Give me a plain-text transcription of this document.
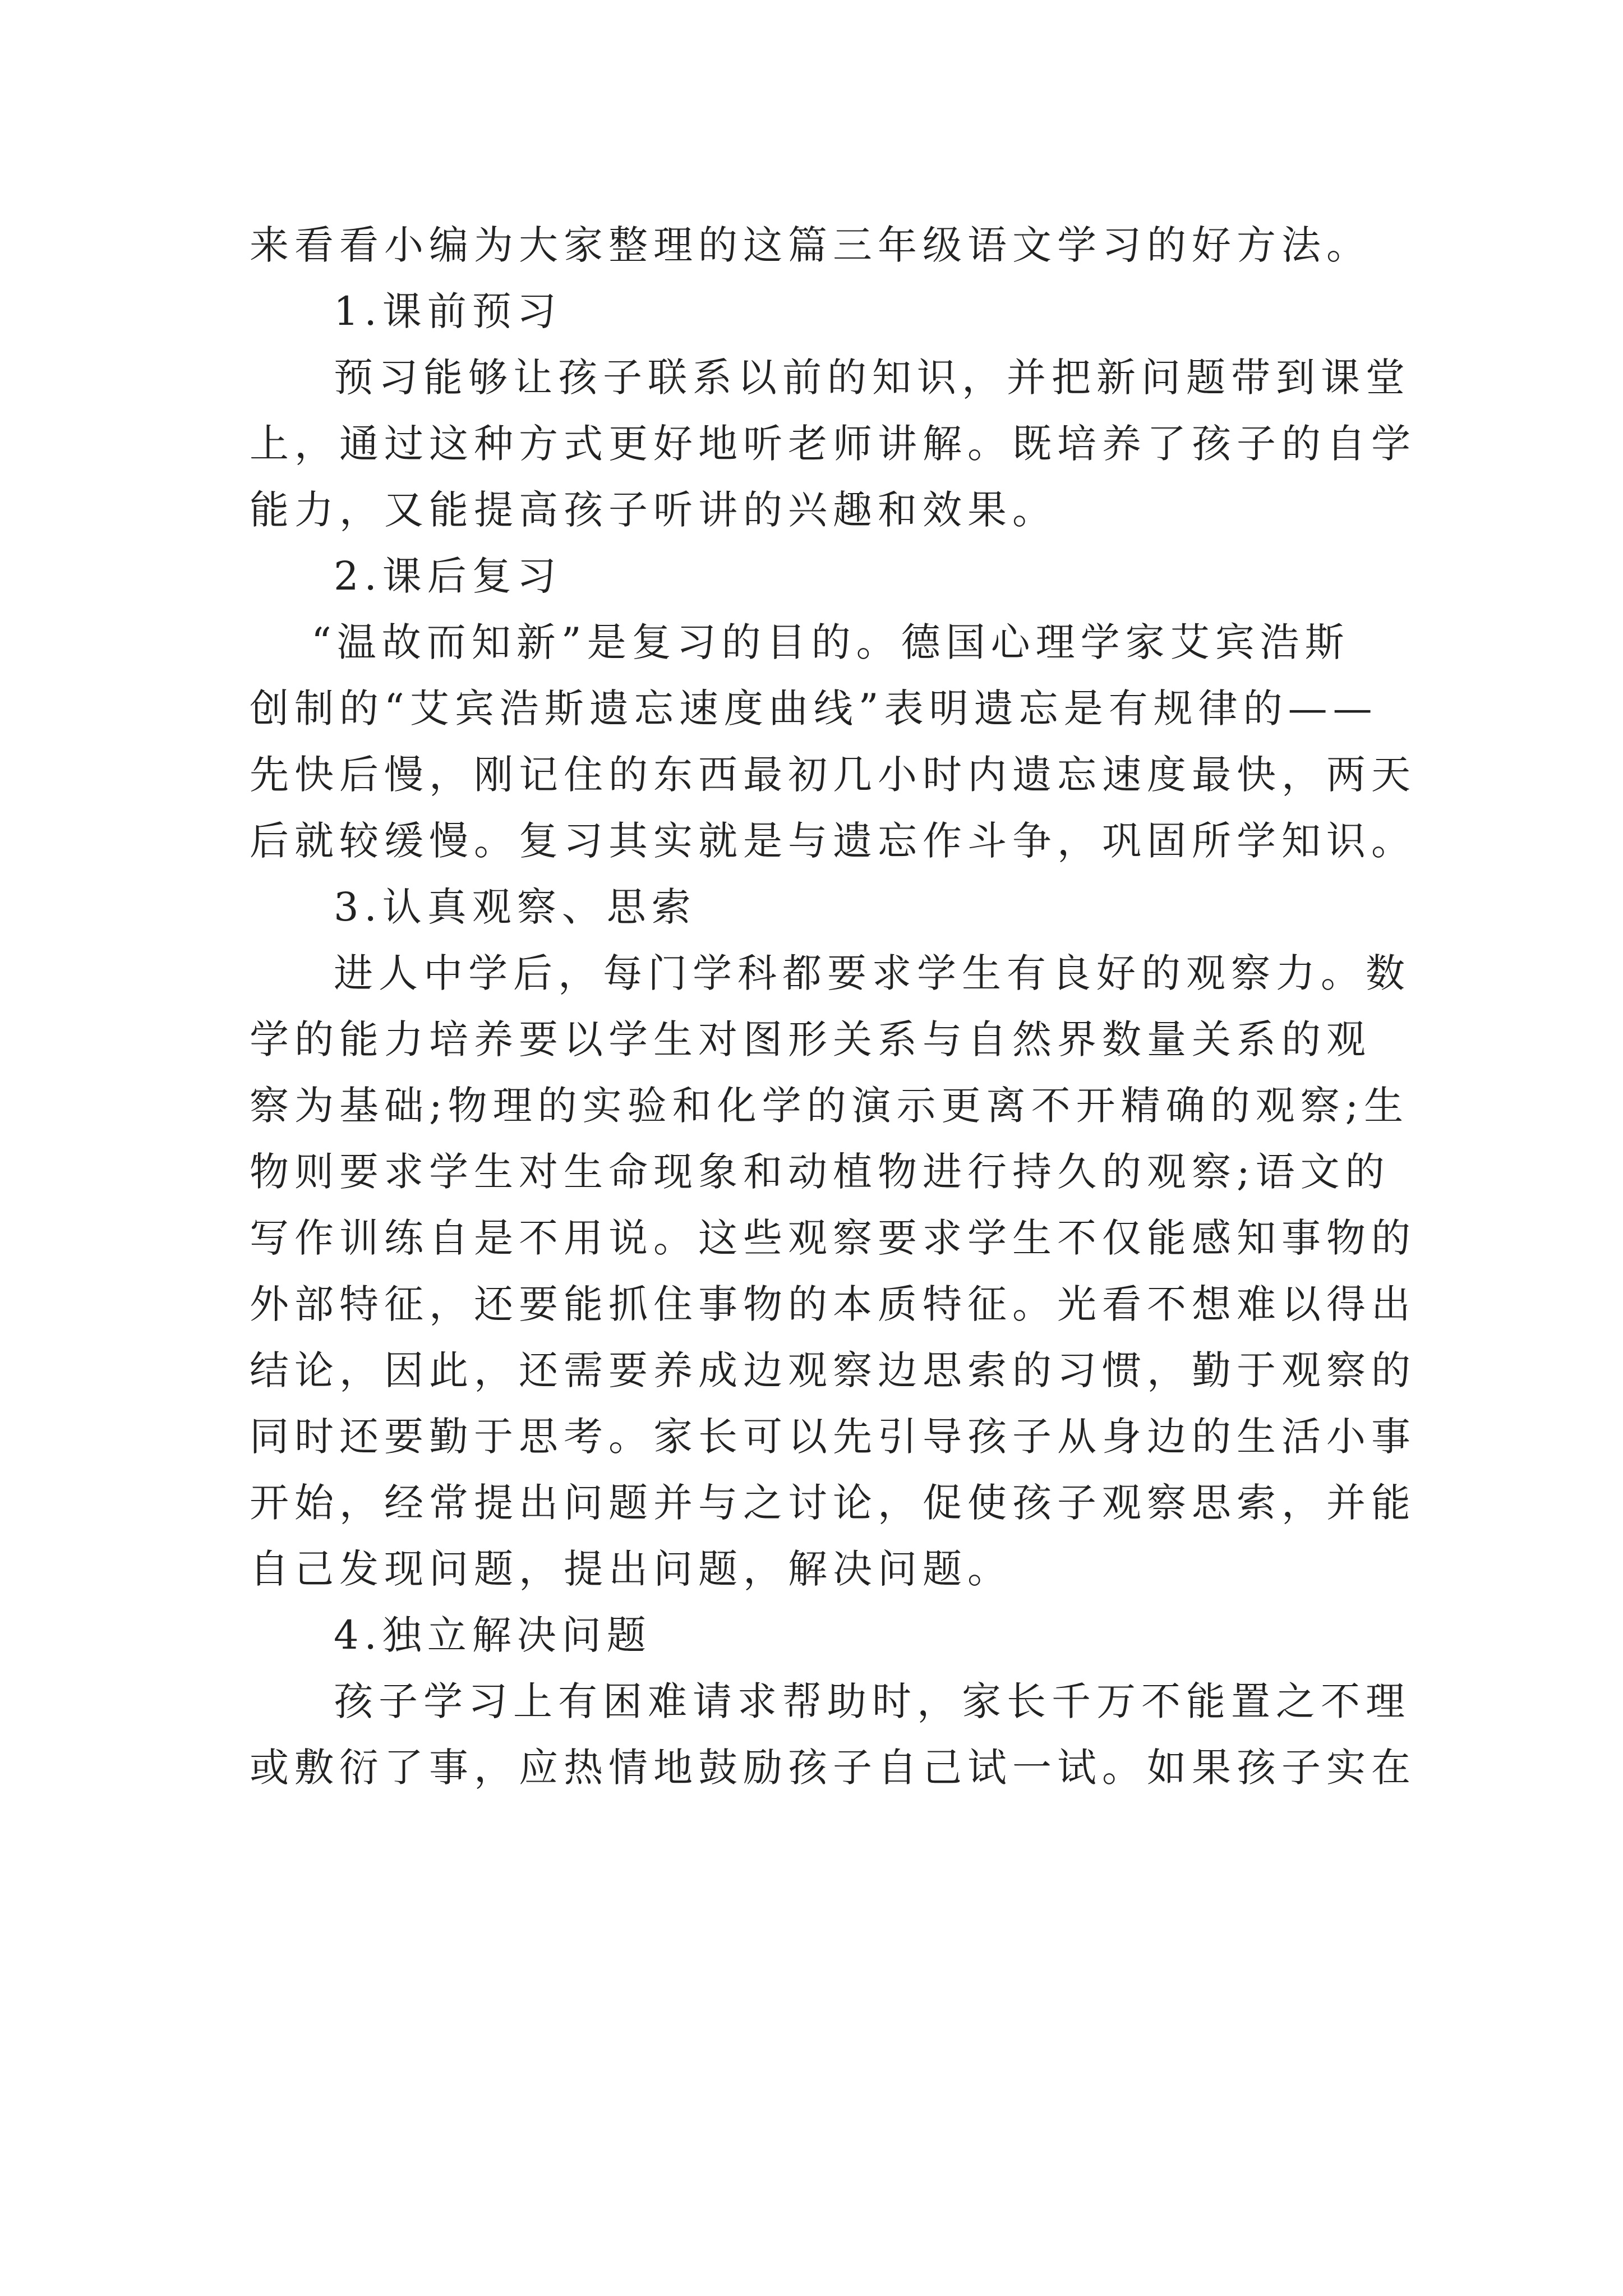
来看看小编为大家整理的这篇三年级语文学习的好方法。
1.课前预习
预习能够让孩子联系以前的知识，并把新问题带到课堂
上，通过这种方式更好地听老师讲解。既培养了孩子的自学
能力，又能提高孩子听讲的兴趣和效果。
2.课后复习
“温故而知新”是复习的目的。德国心理学家艾宾浩斯
创制的“艾宾浩斯遗忘速度曲线”表明遗忘是有规律的——
先快后慢，刚记住的东西最初几小时内遗忘速度最快，两天
后就较缓慢。复习其实就是与遗忘作斗争，巩固所学知识。
3.认真观察、思索
进人中学后，每门学科都要求学生有良好的观察力。数
学的能力培养要以学生对图形关系与自然界数量关系的观
察为基础;物理的实验和化学的演示更离不开精确的观察;生
物则要求学生对生命现象和动植物进行持久的观察;语文的
写作训练自是不用说。这些观察要求学生不仅能感知事物的
外部特征，还要能抓住事物的本质特征。光看不想难以得出
结论，因此，还需要养成边观察边思索的习惯，勤于观察的
同时还要勤于思考。家长可以先引导孩子从身边的生活小事
开始，经常提出问题并与之讨论，促使孩子观察思索，并能
自己发现问题，提出问题，解决问题。
4.独立解决问题
孩子学习上有困难请求帮助时，家长千万不能置之不理
或敷衍了事，应热情地鼓励孩子自己试一试。如果孩子实在
